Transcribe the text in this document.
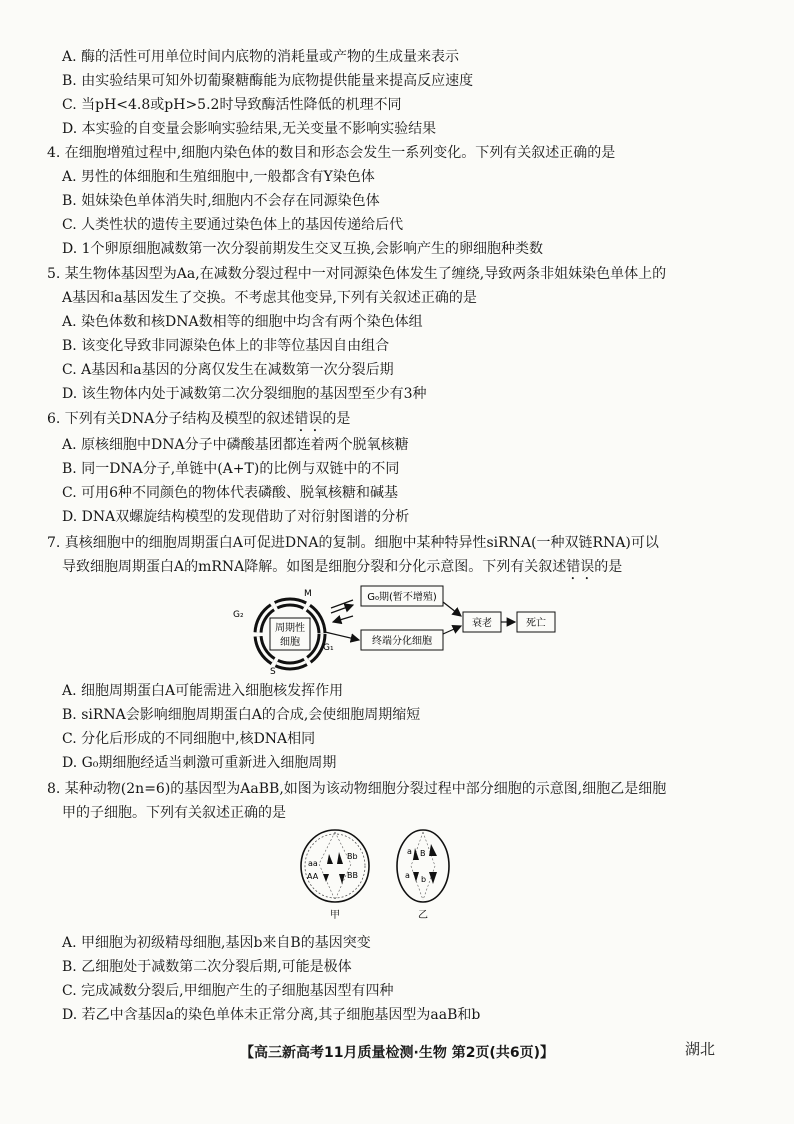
A. 酶的活性可用单位时间内底物的消耗量或产物的生成量来表示
B. 由实验结果可知外切葡聚糖酶能为底物提供能量来提高反应速度
C. 当pH<4.8或pH>5.2时导致酶活性降低的机理不同
D. 本实验的自变量会影响实验结果,无关变量不影响实验结果
4. 在细胞增殖过程中,细胞内染色体的数目和形态会发生一系列变化。下列有关叙述正确的是
A. 男性的体细胞和生殖细胞中,一般都含有Y染色体
B. 姐妹染色单体消失时,细胞内不会存在同源染色体
C. 人类性状的遗传主要通过染色体上的基因传递给后代
D. 1个卵原细胞减数第一次分裂前期发生交叉互换,会影响产生的卵细胞种类数
5. 某生物体基因型为Aa,在减数分裂过程中一对同源染色体发生了缠绕,导致两条非姐妹染色单体上的
A基因和a基因发生了交换。不考虑其他变异,下列有关叙述正确的是
A. 染色体数和核DNA数相等的细胞中均含有两个染色体组
B. 该变化导致非同源染色体上的非等位基因自由组合
C. A基因和a基因的分离仅发生在减数第一次分裂后期
D. 该生物体内处于减数第二次分裂细胞的基因型至少有3种
6. 下列有关DNA分子结构及模型的叙述错误的是
A. 原核细胞中DNA分子中磷酸基团都连着两个脱氧核糖
B. 同一DNA分子,单链中(A+T)的比例与双链中的不同
C. 可用6种不同颜色的物体代表磷酸、脱氧核糖和碱基
D. DNA双螺旋结构模型的发现借助了对衍射图谱的分析
7. 真核细胞中的细胞周期蛋白A可促进DNA的复制。细胞中某种特异性siRNA(一种双链RNA)可以
导致细胞周期蛋白A的mRNA降解。如图是细胞分裂和分化示意图。下列有关叙述错误的是
周期性
细胞
M
G₂
G₁
S
G₀期(暂不增殖)
终端分化细胞
衰老	死亡
A. 细胞周期蛋白A可能需进入细胞核发挥作用
B. siRNA会影响细胞周期蛋白A的合成,会使细胞周期缩短
C. 分化后形成的不同细胞中,核DNA相同
D. G₀期细胞经适当刺激可重新进入细胞周期
8. 某种动物(2n=6)的基因型为AaBB,如图为该动物细胞分裂过程中部分细胞的示意图,细胞乙是细胞
甲的子细胞。下列有关叙述正确的是
aa
AA
Bb
BB
甲
a B
a b
乙
A. 甲细胞为初级精母细胞,基因b来自B的基因突变
B. 乙细胞处于减数第二次分裂后期,可能是极体
C. 完成减数分裂后,甲细胞产生的子细胞基因型有四种
D. 若乙中含基因a的染色单体未正常分离,其子细胞基因型为aaB和b
【高三新高考11月质量检测·生物 第2页(共6页)】	湖北
